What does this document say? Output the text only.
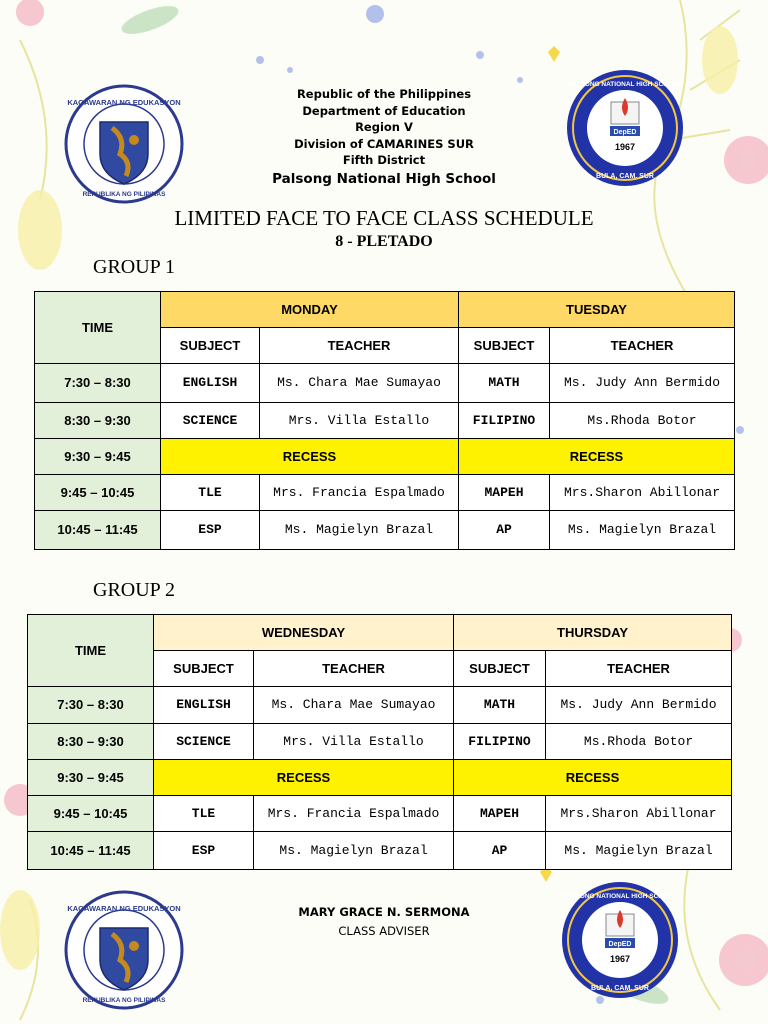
KAGAWARAN NG EDUKASYON
REPUBLIKA NG PILIPINAS
DepED
1967
PALSONG NATIONAL HIGH SCHOOL
BULA, CAM. SUR
Republic of the Philippines
Department of Education
Region V
Division of CAMARINES SUR
Fifth District
Palsong National High School
LIMITED FACE TO FACE CLASS SCHEDULE
8 - PLETADO
GROUP 1
TIME	MONDAY		TUESDAY	
	SUBJECT	TEACHER	SUBJECT	TEACHER
7:30 – 8:30	ENGLISH	Ms. Chara Mae Sumayao	MATH	Ms. Judy Ann Bermido
8:30 – 9:30	SCIENCE	Mrs. Villa Estallo	FILIPINO	Ms.Rhoda Botor
9:30 – 9:45	RECESS		RECESS	
9:45 – 10:45	TLE	Mrs. Francia Espalmado	MAPEH	Mrs.Sharon Abillonar
10:45 – 11:45	ESP	Ms. Magielyn Brazal	AP	Ms. Magielyn Brazal
GROUP 2
TIME	WEDNESDAY		THURSDAY	
	SUBJECT	TEACHER	SUBJECT	TEACHER
7:30 – 8:30	ENGLISH	Ms. Chara Mae Sumayao	MATH	Ms. Judy Ann Bermido
8:30 – 9:30	SCIENCE	Mrs. Villa Estallo	FILIPINO	Ms.Rhoda Botor
9:30 – 9:45	RECESS		RECESS	
9:45 – 10:45	TLE	Mrs. Francia Espalmado	MAPEH	Mrs.Sharon Abillonar
10:45 – 11:45	ESP	Ms. Magielyn Brazal	AP	Ms. Magielyn Brazal
KAGAWARAN NG EDUKASYON
REPUBLIKA NG PILIPINAS
DepED
1967
PALSONG NATIONAL HIGH SCHOOL
BULA, CAM. SUR
MARY GRACE N. SERMONA
CLASS ADVISER
